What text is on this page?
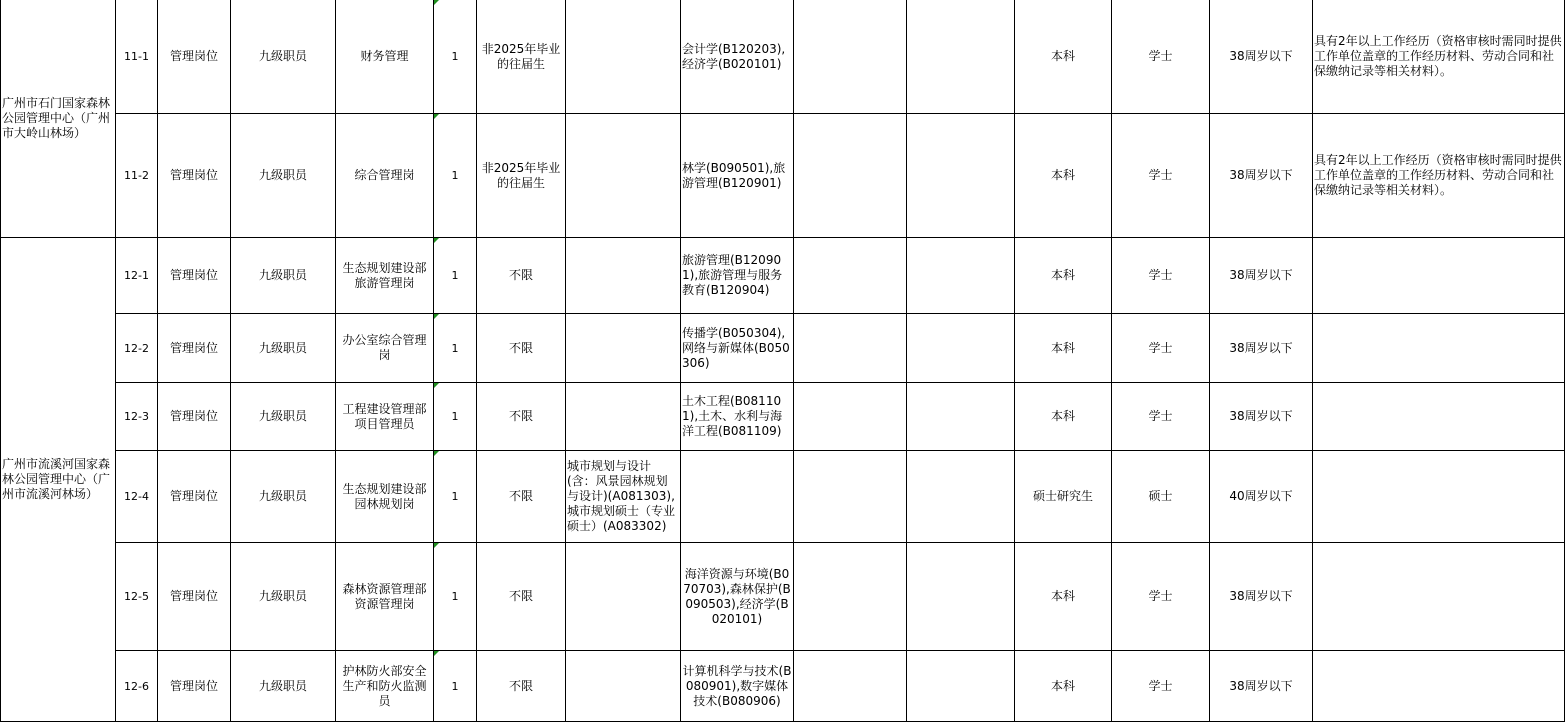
广州市石门国家森林公园管理中心（广州市大岭山林场）	11-1	管理岗位	九级职员	财务管理	1	非2025年毕业的往届生		会计学(B120203),经济学(B020101)			本科	学士	38周岁以下	具有2年以上工作经历（资格审核时需同时提供工作单位盖章的工作经历材料、劳动合同和社保缴纳记录等相关材料）。
	11-2	管理岗位	九级职员	综合管理岗	1	非2025年毕业的往届生		林学(B090501),旅游管理(B120901)			本科	学士	38周岁以下	具有2年以上工作经历（资格审核时需同时提供工作单位盖章的工作经历材料、劳动合同和社保缴纳记录等相关材料）。
广州市流溪河国家森林公园管理中心（广州市流溪河林场）	12-1	管理岗位	九级职员	生态规划建设部旅游管理岗	1	不限		旅游管理(B120901),旅游管理与服务教育(B120904)			本科	学士	38周岁以下	
	12-2	管理岗位	九级职员	办公室综合管理岗	1	不限		传播学(B050304),网络与新媒体(B050306)			本科	学士	38周岁以下	
	12-3	管理岗位	九级职员	工程建设管理部项目管理员	1	不限		土木工程(B081101),土木、水利与海洋工程(B081109)			本科	学士	38周岁以下	
	12-4	管理岗位	九级职员	生态规划建设部园林规划岗	1	不限	城市规划与设计(含：风景园林规划与设计)(A081303),城市规划硕士（专业硕士）(A083302)				硕士研究生	硕士	40周岁以下	
	12-5	管理岗位	九级职员	森林资源管理部资源管理岗	1	不限		海洋资源与环境(B070703),森林保护(B090503),经济学(B020101)			本科	学士	38周岁以下	
	12-6	管理岗位	九级职员	护林防火部安全生产和防火监测员	1	不限		计算机科学与技术(B080901),数字媒体技术(B080906)			本科	学士	38周岁以下	
